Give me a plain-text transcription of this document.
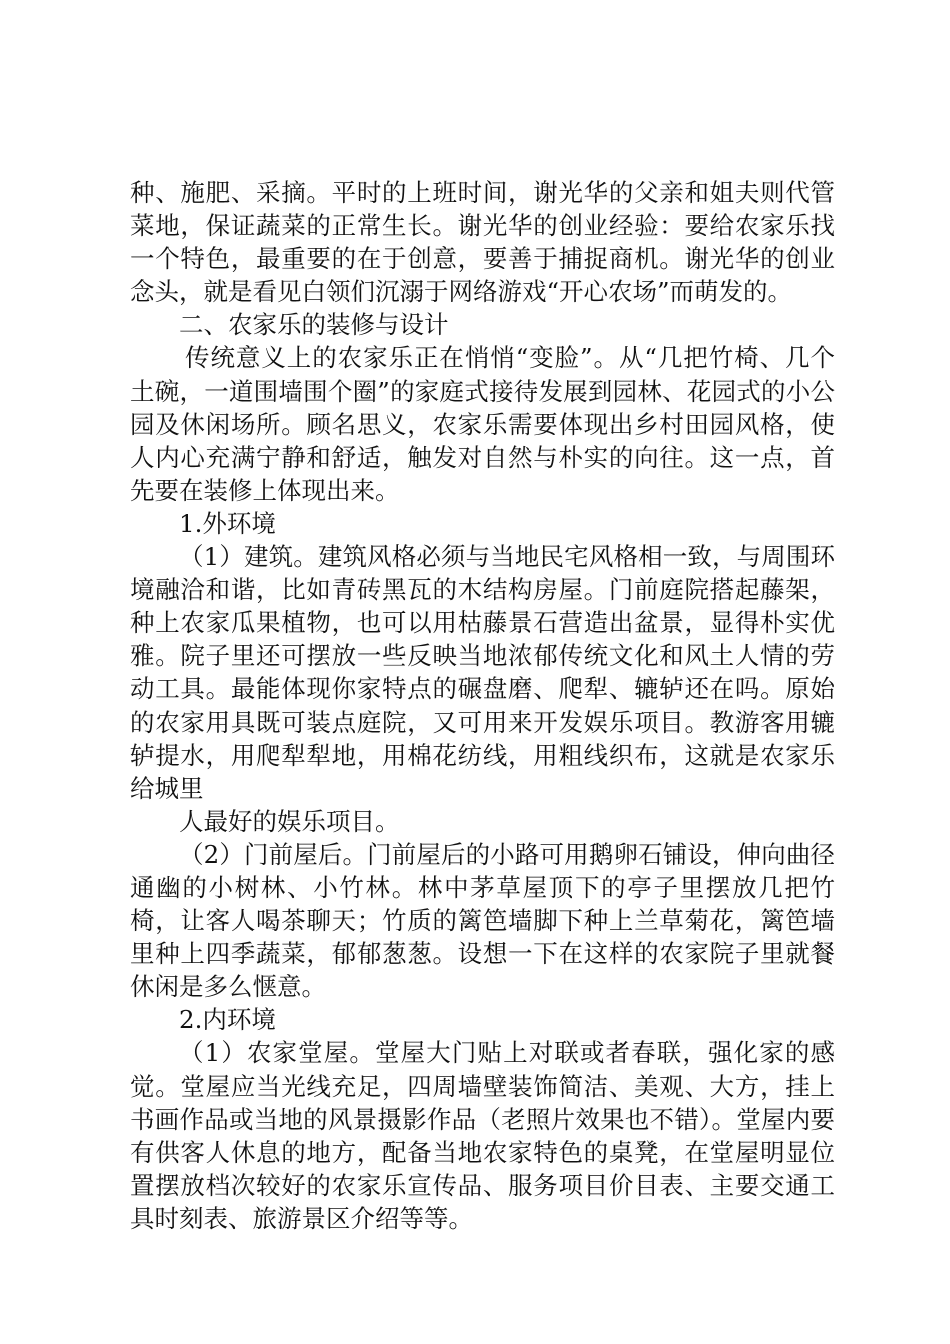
种、施肥、采摘。平时的上班时间，谢光华的父亲和姐夫则代管菜地，保证蔬菜的正常生长。谢光华的创业经验：要给农家乐找一个特色，最重要的在于创意，要善于捕捉商机。谢光华的创业念头，就是看见白领们沉溺于网络游戏“开心农场”而萌发的。

二、农家乐的装修与设计

传统意义上的农家乐正在悄悄“变脸”。从“几把竹椅、几个土碗，一道围墙围个圈”的家庭式接待发展到园林、花园式的小公园及休闲场所。顾名思义，农家乐需要体现出乡村田园风格，使人内心充满宁静和舒适，触发对自然与朴实的向往。这一点，首先要在装修上体现出来。

1.外环境

（1）建筑。建筑风格必须与当地民宅风格相一致，与周围环境融洽和谐，比如青砖黑瓦的木结构房屋。门前庭院搭起藤架，种上农家瓜果植物，也可以用枯藤景石营造出盆景，显得朴实优雅。院子里还可摆放一些反映当地浓郁传统文化和风土人情的劳动工具。最能体现你家特点的碾盘磨、爬犁、辘轳还在吗。原始的农家用具既可装点庭院，又可用来开发娱乐项目。教游客用辘轳提水，用爬犁犁地，用棉花纺线，用粗线织布，这就是农家乐给城里

人最好的娱乐项目。

（2）门前屋后。门前屋后的小路可用鹅卵石铺设，伸向曲径通幽的小树林、小竹林。林中茅草屋顶下的亭子里摆放几把竹椅，让客人喝茶聊天；竹质的篱笆墙脚下种上兰草菊花，篱笆墙里种上四季蔬菜，郁郁葱葱。设想一下在这样的农家院子里就餐休闲是多么惬意。

2.内环境

（1）农家堂屋。堂屋大门贴上对联或者春联，强化家的感觉。堂屋应当光线充足，四周墙壁装饰简洁、美观、大方，挂上书画作品或当地的风景摄影作品（老照片效果也不错）。堂屋内要有供客人休息的地方，配备当地农家特色的桌凳，在堂屋明显位置摆放档次较好的农家乐宣传品、服务项目价目表、主要交通工具时刻表、旅游景区介绍等等。
